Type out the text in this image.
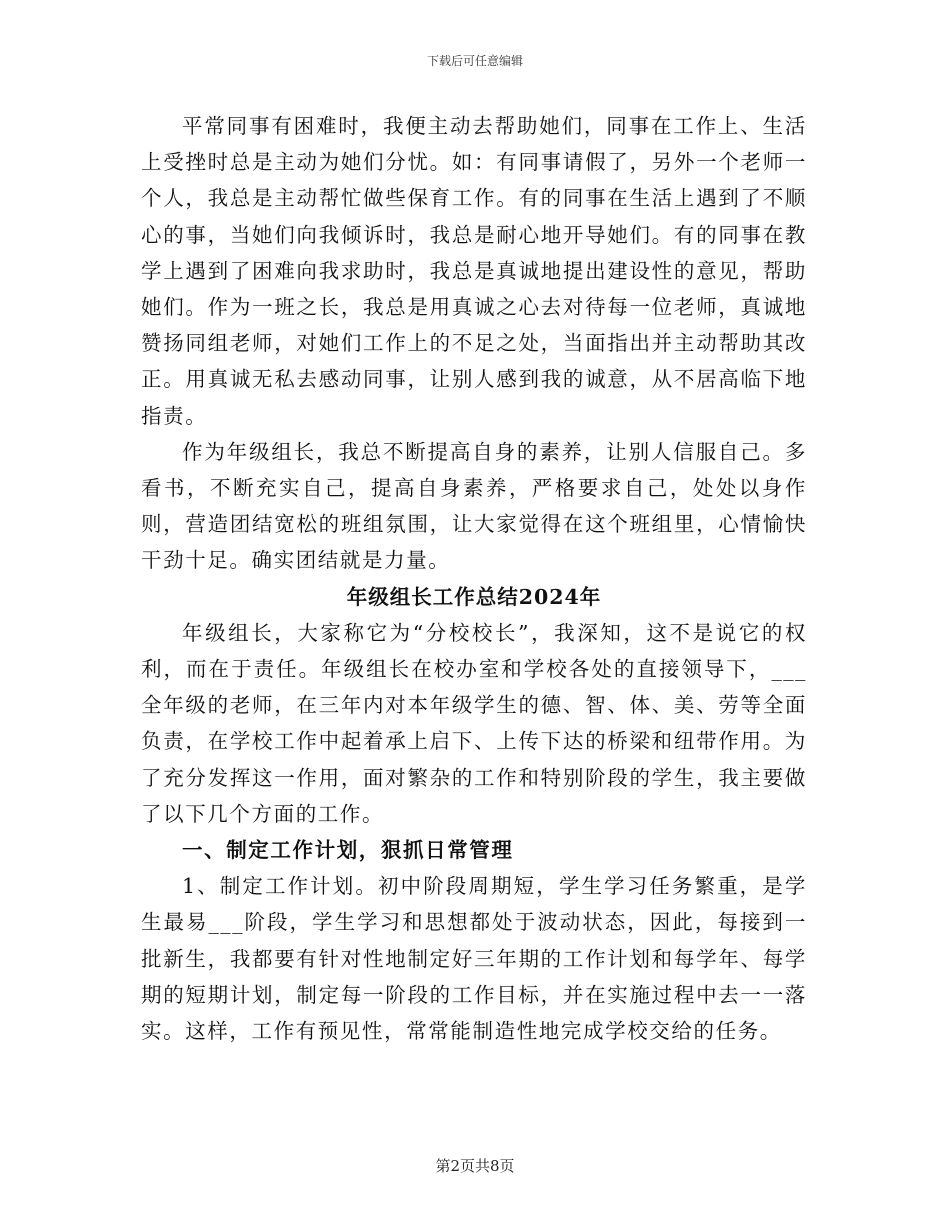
下载后可任意编辑

平常同事有困难时，我便主动去帮助她们，同事在工作上、生活上受挫时总是主动为她们分忧。如：有同事请假了，另外一个老师一个人，我总是主动帮忙做些保育工作。有的同事在生活上遇到了不顺心的事，当她们向我倾诉时，我总是耐心地开导她们。有的同事在教学上遇到了困难向我求助时，我总是真诚地提出建设性的意见，帮助她们。作为一班之长，我总是用真诚之心去对待每一位老师，真诚地赞扬同组老师，对她们工作上的不足之处，当面指出并主动帮助其改正。用真诚无私去感动同事，让别人感到我的诚意，从不居高临下地指责。

作为年级组长，我总不断提高自身的素养，让别人信服自己。多看书，不断充实自己，提高自身素养，严格要求自己，处处以身作则，营造团结宽松的班组氛围，让大家觉得在这个班组里，心情愉快干劲十足。确实团结就是力量。

年级组长工作总结2024年

年级组长，大家称它为“分校校长”，我深知，这不是说它的权利，而在于责任。年级组长在校办室和学校各处的直接领导下，___全年级的老师，在三年内对本年级学生的德、智、体、美、劳等全面负责，在学校工作中起着承上启下、上传下达的桥梁和纽带作用。为了充分发挥这一作用，面对繁杂的工作和特别阶段的学生，我主要做了以下几个方面的工作。

一、制定工作计划，狠抓日常管理

1、制定工作计划。初中阶段周期短，学生学习任务繁重，是学生最易___阶段，学生学习和思想都处于波动状态，因此，每接到一批新生，我都要有针对性地制定好三年期的工作计划和每学年、每学期的短期计划，制定每一阶段的工作目标，并在实施过程中去一一落实。这样，工作有预见性，常常能制造性地完成学校交给的任务。

第2页共8页
